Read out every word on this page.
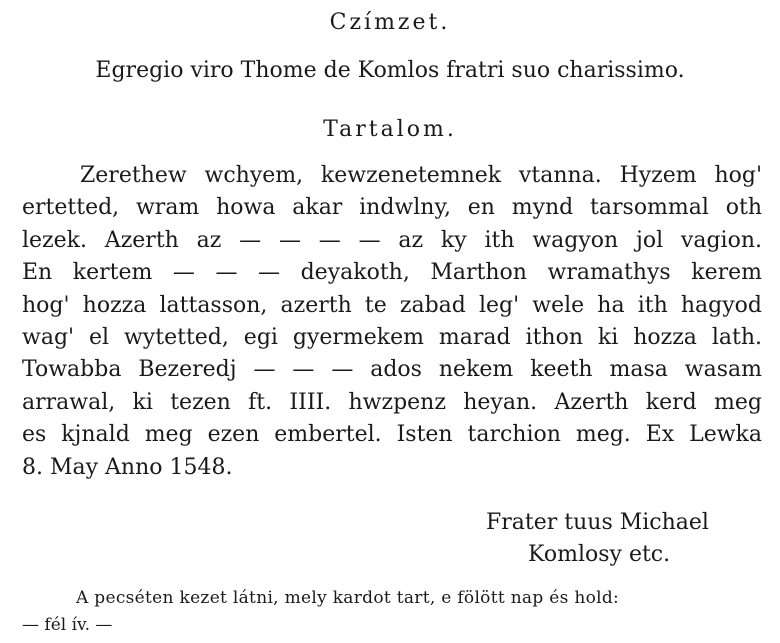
Czímzet.

Egregio viro Thome de Komlos fratri suo charissimo.

Tartalom.
Zerethew wchyem, kewzenetemnek vtanna. Hyzem hog'
ertetted, wram howa akar indwlny, en mynd tarsommal oth
lezek. Azerth az — — — — az ky ith wagyon jol vagion.
En kertem — — — deyakoth, Marthon wramathys kerem
hog' hozza lattasson, azerth te zabad leg' wele ha ith hagyod
wag' el wytetted, egi gyermekem marad ithon ki hozza lath.
Towabba Bezeredj — — — ados nekem keeth masa wasam
arrawal, ki tezen ft. IIII. hwzpenz heyan. Azerth kerd meg
es kjnald meg ezen embertel. Isten tarchion meg. Ex Lewka
8. May Anno 1548.

Frater tuus Michael

Komlosy etc.

A pecséten kezet látni, mely kardot tart, e fölött nap és hold:
— fél ív. —
